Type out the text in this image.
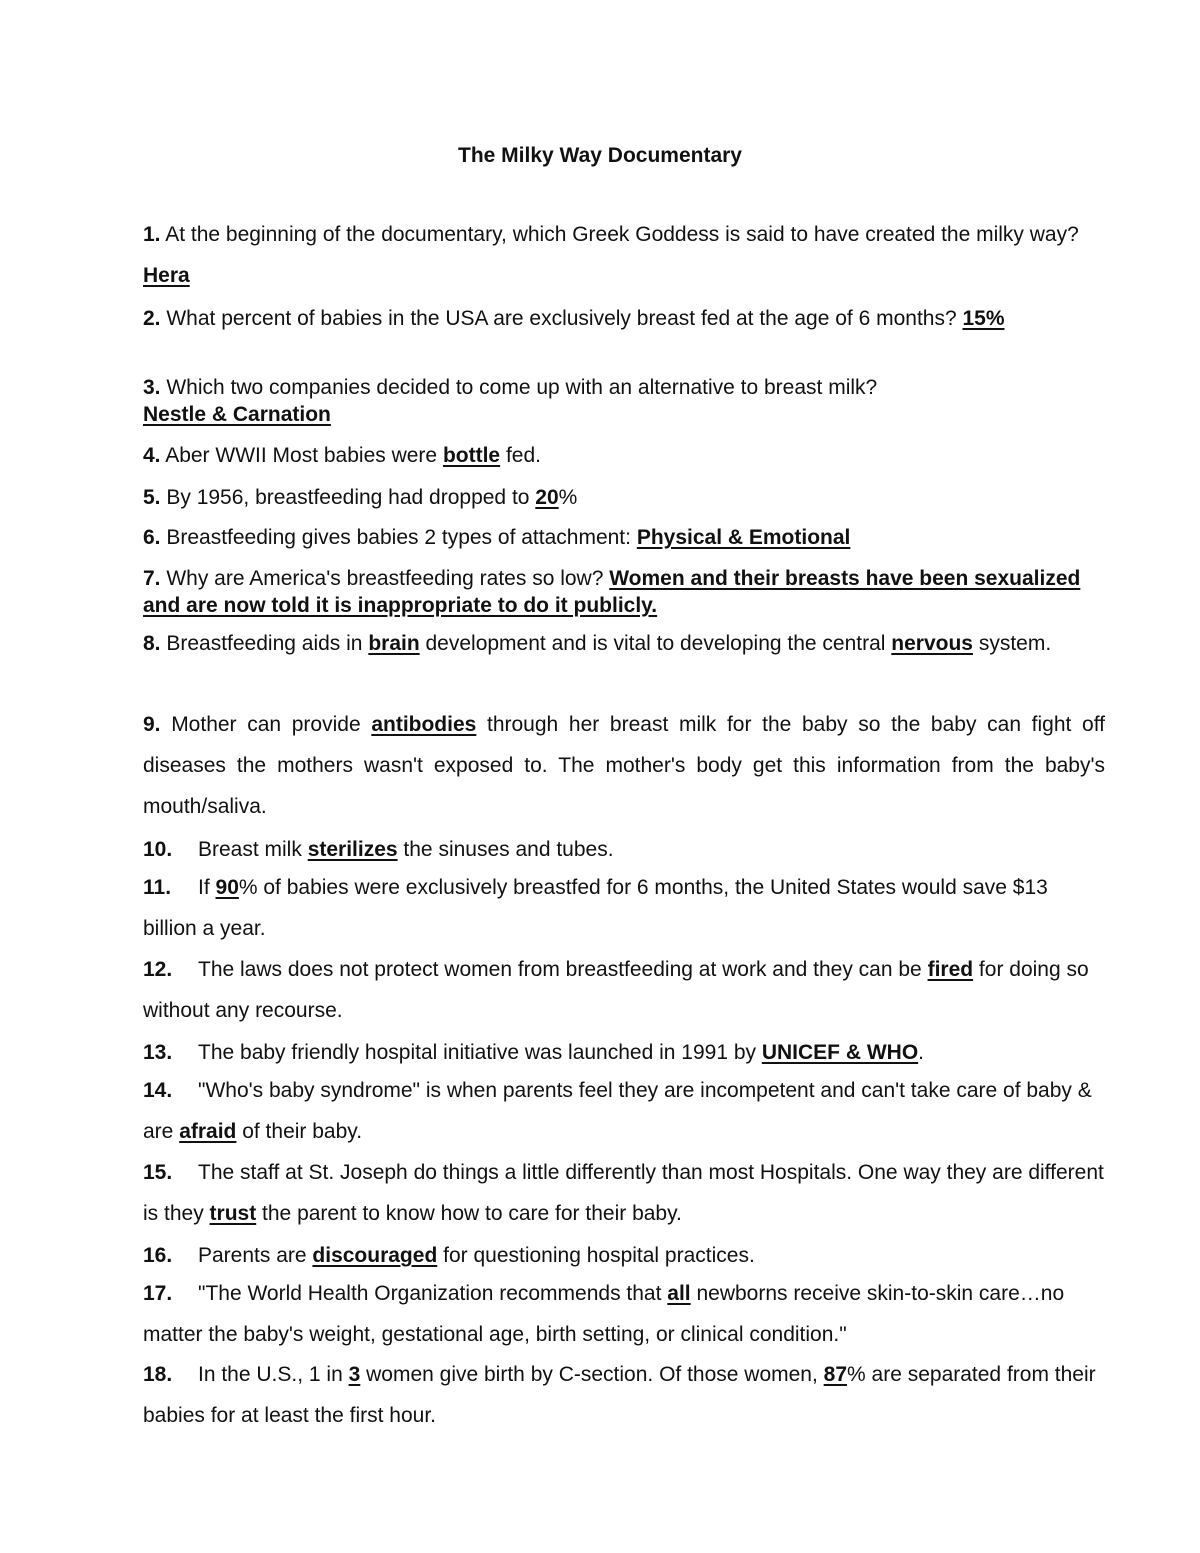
The Milky Way Documentary

1. At the beginning of the documentary, which Greek Goddess is said to have created the milky way? Hera

2. What percent of babies in the USA are exclusively breast fed at the age of 6 months? 15%

3. Which two companies decided to come up with an alternative to breast milk?
Nestle & Carnation

4. Aber WWII Most babies were bottle fed.

5. By 1956, breastfeeding had dropped to 20%

6. Breastfeeding gives babies 2 types of attachment: Physical & Emotional

7. Why are America's breastfeeding rates so low? Women and their breasts have been sexualized and are now told it is inappropriate to do it publicly.

8. Breastfeeding aids in brain development and is vital to developing the central nervous system.

9. Mother can provide antibodies through her breast milk for the baby so the baby can fight off diseases the mothers wasn't exposed to. The mother's body get this information from the baby's mouth/saliva.

10. Breast milk sterilizes the sinuses and tubes.

11. If 90% of babies were exclusively breastfed for 6 months, the United States would save $13 billion a year.

12. The laws does not protect women from breastfeeding at work and they can be fired for doing so without any recourse.

13. The baby friendly hospital initiative was launched in 1991 by UNICEF & WHO.

14. "Who's baby syndrome" is when parents feel they are incompetent and can't take care of baby & are afraid of their baby.

15. The staff at St. Joseph do things a little differently than most Hospitals. One way they are different is they trust the parent to know how to care for their baby.

16. Parents are discouraged for questioning hospital practices.

17. "The World Health Organization recommends that all newborns receive skin-to-skin care…no matter the baby's weight, gestational age, birth setting, or clinical condition."

18. In the U.S., 1 in 3 women give birth by C-section. Of those women, 87% are separated from their babies for at least the first hour.
